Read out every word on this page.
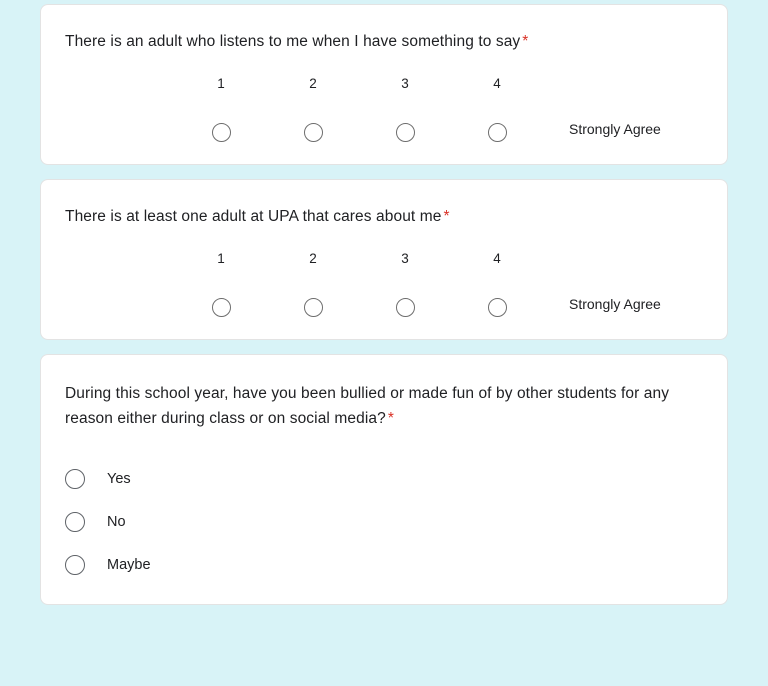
There is an adult who listens to me when I have something to say *
1	2	3	4
Strongly Agree
There is at least one adult at UPA that cares about me *
1	2	3	4
Strongly Agree
During this school year, have you been bullied or made fun of by other students for any reason either during class or on social media? *
Yes
No
Maybe
